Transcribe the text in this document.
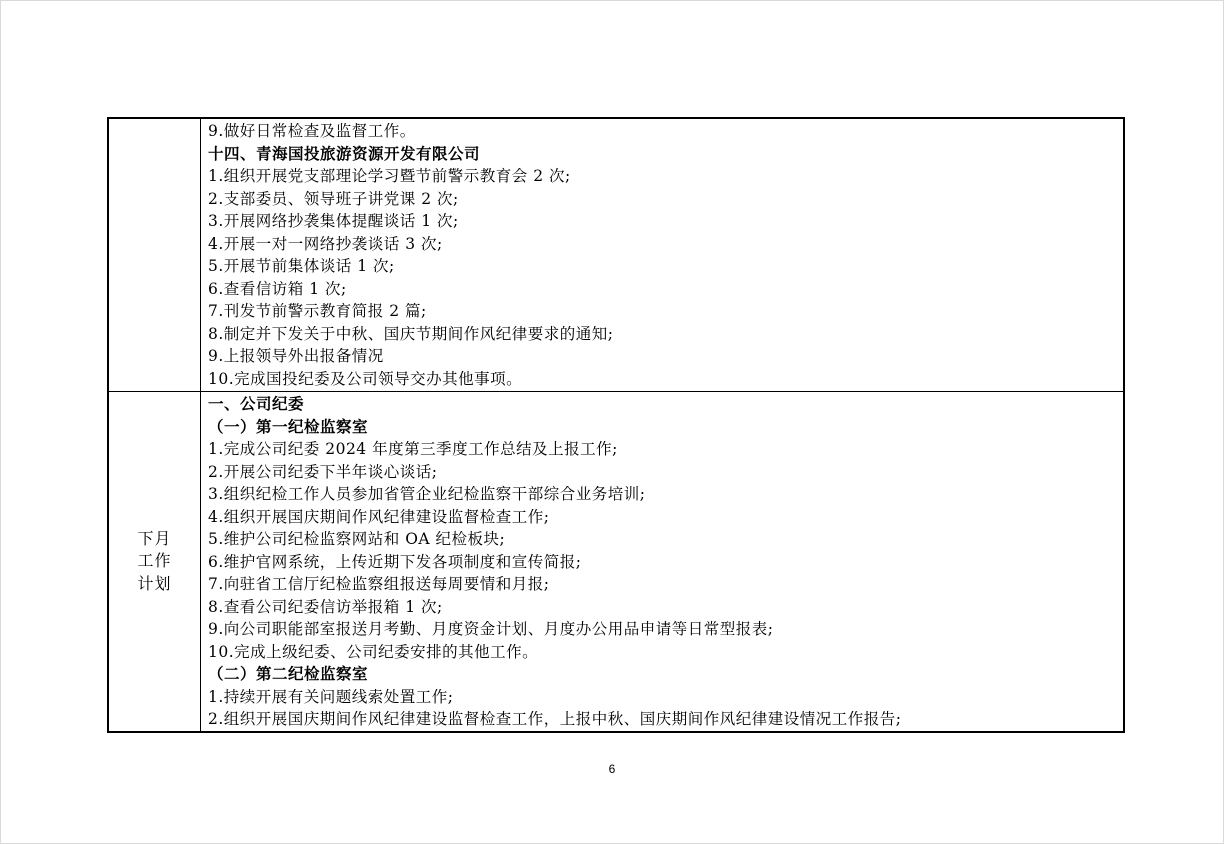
9.做好日常检查及监督工作。
十四、青海国投旅游资源开发有限公司
1.组织开展党支部理论学习暨节前警示教育会 2 次;
2.支部委员、领导班子讲党课 2 次;
3.开展网络抄袭集体提醒谈话 1 次;
4.开展一对一网络抄袭谈话 3 次;
5.开展节前集体谈话 1 次;
6.查看信访箱 1 次;
7.刊发节前警示教育简报 2 篇;
8.制定并下发关于中秋、国庆节期间作风纪律要求的通知;
9.上报领导外出报备情况
10.完成国投纪委及公司领导交办其他事项。
下月
工作
计划
一、公司纪委
（一）第一纪检监察室
1.完成公司纪委 2024 年度第三季度工作总结及上报工作;
2.开展公司纪委下半年谈心谈话;
3.组织纪检工作人员参加省管企业纪检监察干部综合业务培训;
4.组织开展国庆期间作风纪律建设监督检查工作;
5.维护公司纪检监察网站和 OA 纪检板块;
6.维护官网系统，上传近期下发各项制度和宣传简报;
7.向驻省工信厅纪检监察组报送每周要情和月报;
8.查看公司纪委信访举报箱 1 次;
9.向公司职能部室报送月考勤、月度资金计划、月度办公用品申请等日常型报表;
10.完成上级纪委、公司纪委安排的其他工作。
（二）第二纪检监察室
1.持续开展有关问题线索处置工作;
2.组织开展国庆期间作风纪律建设监督检查工作，上报中秋、国庆期间作风纪律建设情况工作报告;
6
